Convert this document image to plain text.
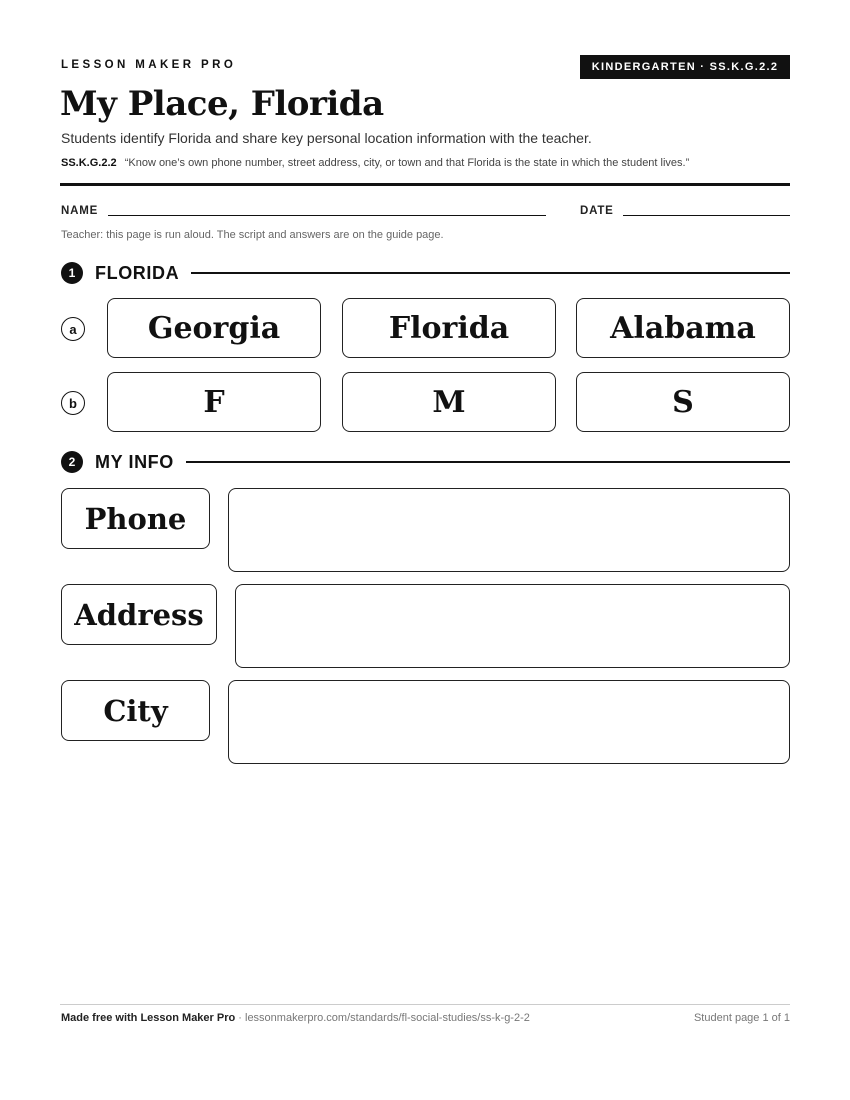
LESSON MAKER PRO	KINDERGARTEN · SS.K.G.2.2
My Place, Florida
Students identify Florida and share key personal location information with the teacher.
SS.K.G.2.2 “Know one’s own phone number, street address, city, or town and that Florida is the state in which the student lives.”
NAME	DATE
Teacher: this page is run aloud. The script and answers are on the guide page.
1	FLORIDA
a	Georgia	Florida	Alabama
b	F	M	S
2	MY INFO
Phone
Address
City
Made free with Lesson Maker Pro · lessonmakerpro.com/standards/fl-social-studies/ss-k-g-2-2	Student page 1 of 1
